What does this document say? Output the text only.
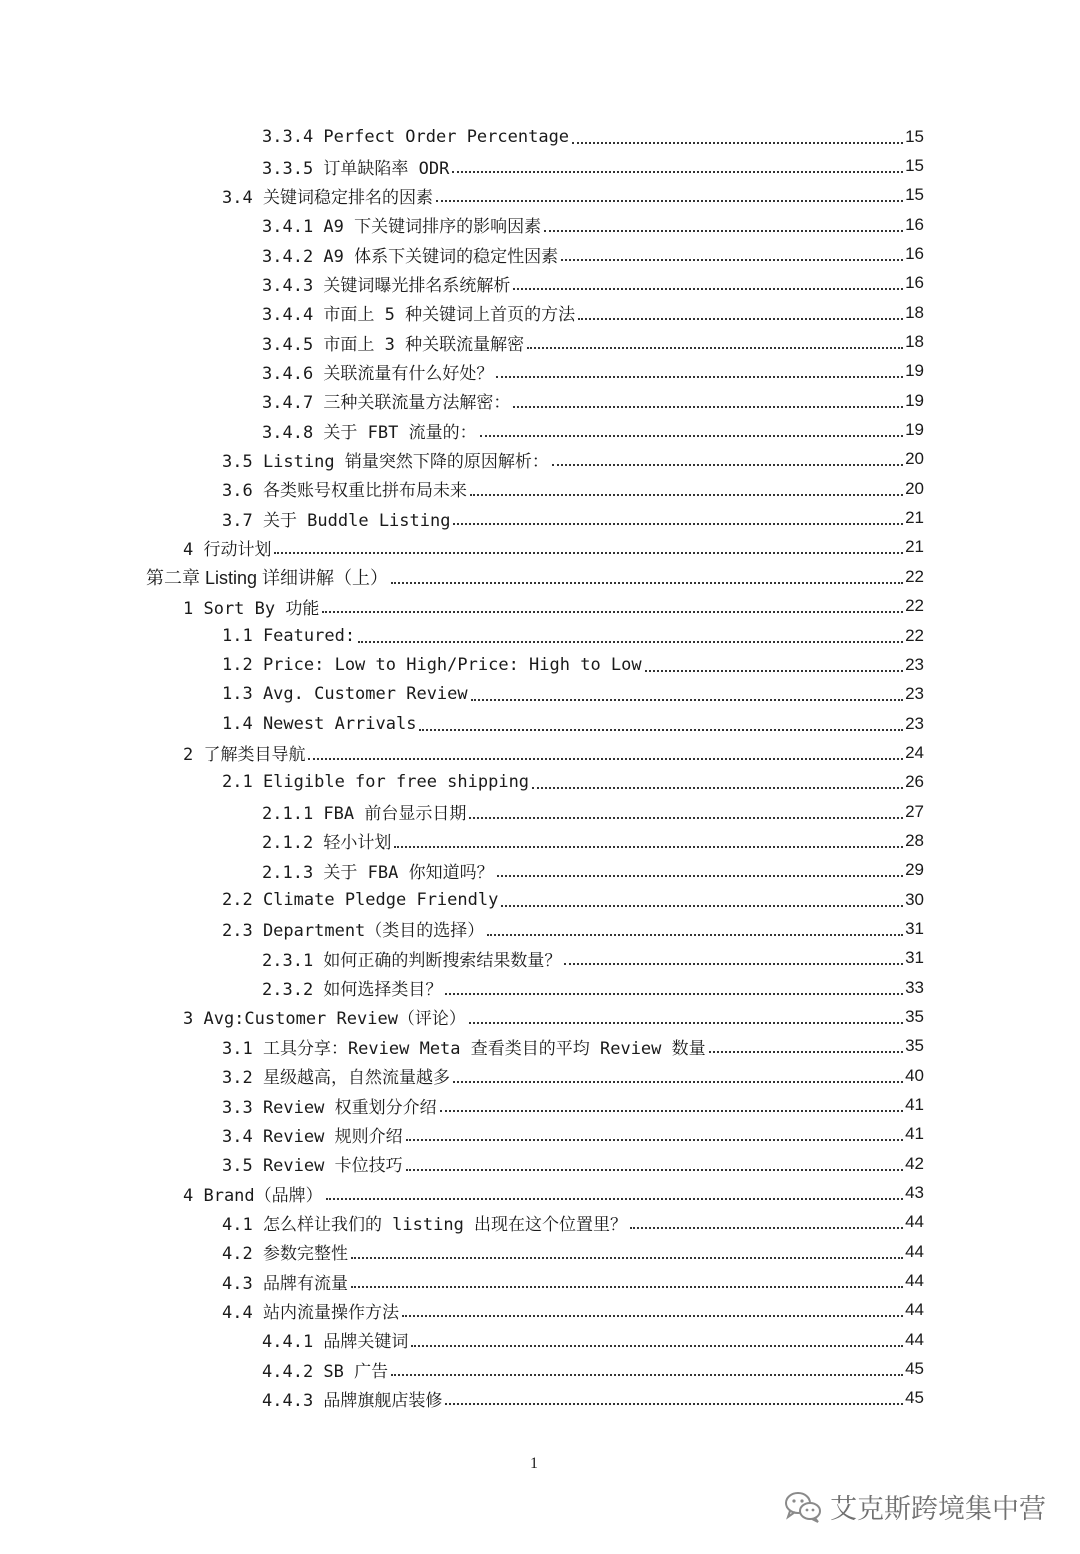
3.3.4 Perfect Order Percentage	15
3.3.5 订单缺陷率 ODR	15
3.4 关键词稳定排名的因素	15
3.4.1 A9 下关键词排序的影响因素	16
3.4.2 A9 体系下关键词的稳定性因素	16
3.4.3 关键词曝光排名系统解析	16
3.4.4 市面上 5 种关键词上首页的方法	18
3.4.5 市面上 3 种关联流量解密	18
3.4.6 关联流量有什么好处？	19
3.4.7 三种关联流量方法解密：	19
3.4.8 关于 FBT 流量的：	19
3.5 Listing 销量突然下降的原因解析：	20
3.6 各类账号权重比拼布局未来	20
3.7 关于 Buddle Listing	21
4 行动计划	21
第二章 Listing 详细讲解（上）	22
1 Sort By 功能	22
1.1 Featured:	22
1.2 Price: Low to High/Price: High to Low	23
1.3 Avg. Customer Review	23
1.4 Newest Arrivals	23
2 了解类目导航	24
2.1 Eligible for free shipping	26
2.1.1 FBA 前台显示日期	27
2.1.2 轻小计划	28
2.1.3 关于 FBA 你知道吗？	29
2.2 Climate Pledge Friendly	30
2.3 Department（类目的选择）	31
2.3.1 如何正确的判断搜索结果数量？	31
2.3.2 如何选择类目？	33
3 Avg:Customer Review（评论）	35
3.1 工具分享：Review Meta 查看类目的平均 Review 数量	35
3.2 星级越高，自然流量越多	40
3.3 Review 权重划分介绍	41
3.4 Review 规则介绍	41
3.5 Review 卡位技巧	42
4 Brand（品牌）	43
4.1 怎么样让我们的 listing 出现在这个位置里？	44
4.2 参数完整性	44
4.3 品牌有流量	44
4.4 站内流量操作方法	44
4.4.1 品牌关键词	44
4.4.2 SB 广告	45
4.4.3 品牌旗舰店装修	45
1
艾克斯跨境集中营
